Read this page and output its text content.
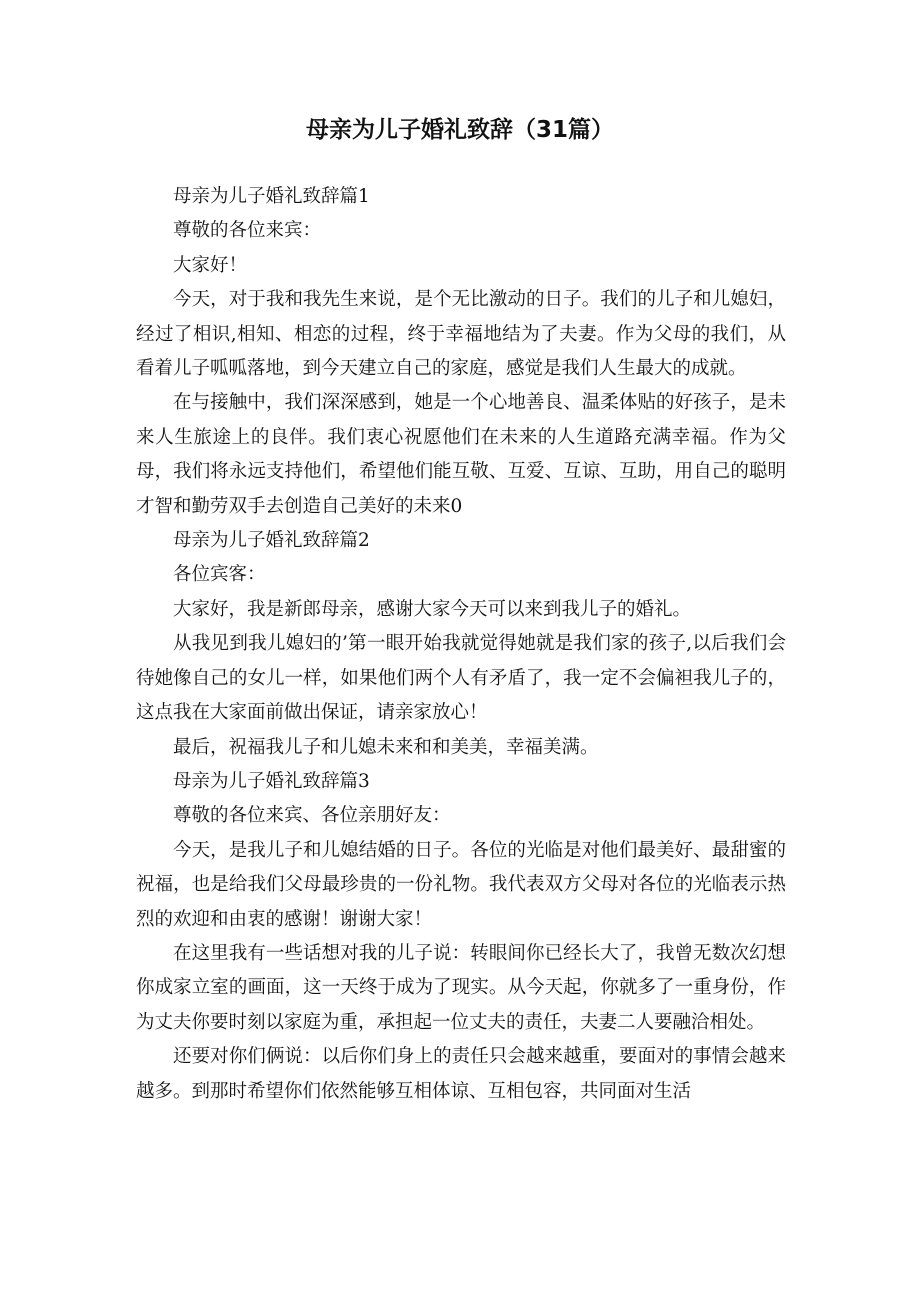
母亲为儿子婚礼致辞（31篇）

母亲为儿子婚礼致辞篇1

尊敬的各位来宾：

大家好！

今天，对于我和我先生来说，是个无比激动的日子。我们的儿子和儿媳妇，经过了相识,相知、相恋的过程，终于幸福地结为了夫妻。作为父母的我们，从看着儿子呱呱落地，到今天建立自己的家庭，感觉是我们人生最大的成就。

在与接触中，我们深深感到，她是一个心地善良、温柔体贴的好孩子，是未来人生旅途上的良伴。我们衷心祝愿他们在未来的人生道路充满幸福。作为父母，我们将永远支持他们，希望他们能互敬、互爱、互谅、互助，用自己的聪明才智和勤劳双手去创造自己美好的未来0

母亲为儿子婚礼致辞篇2

各位宾客：

大家好，我是新郎母亲，感谢大家今天可以来到我儿子的婚礼。

从我见到我儿媳妇的’第一眼开始我就觉得她就是我们家的孩子,以后我们会待她像自己的女儿一样，如果他们两个人有矛盾了，我一定不会偏袒我儿子的，这点我在大家面前做出保证，请亲家放心！

最后，祝福我儿子和儿媳未来和和美美，幸福美满。

母亲为儿子婚礼致辞篇3

尊敬的各位来宾、各位亲朋好友：

今天，是我儿子和儿媳结婚的日子。各位的光临是对他们最美好、最甜蜜的祝福，也是给我们父母最珍贵的一份礼物。我代表双方父母对各位的光临表示热烈的欢迎和由衷的感谢！谢谢大家！

在这里我有一些话想对我的儿子说：转眼间你已经长大了，我曾无数次幻想你成家立室的画面，这一天终于成为了现实。从今天起，你就多了一重身份，作为丈夫你要时刻以家庭为重，承担起一位丈夫的责任，夫妻二人要融洽相处。

还要对你们俩说：以后你们身上的责任只会越来越重，要面对的事情会越来越多。到那时希望你们依然能够互相体谅、互相包容，共同面对生活
